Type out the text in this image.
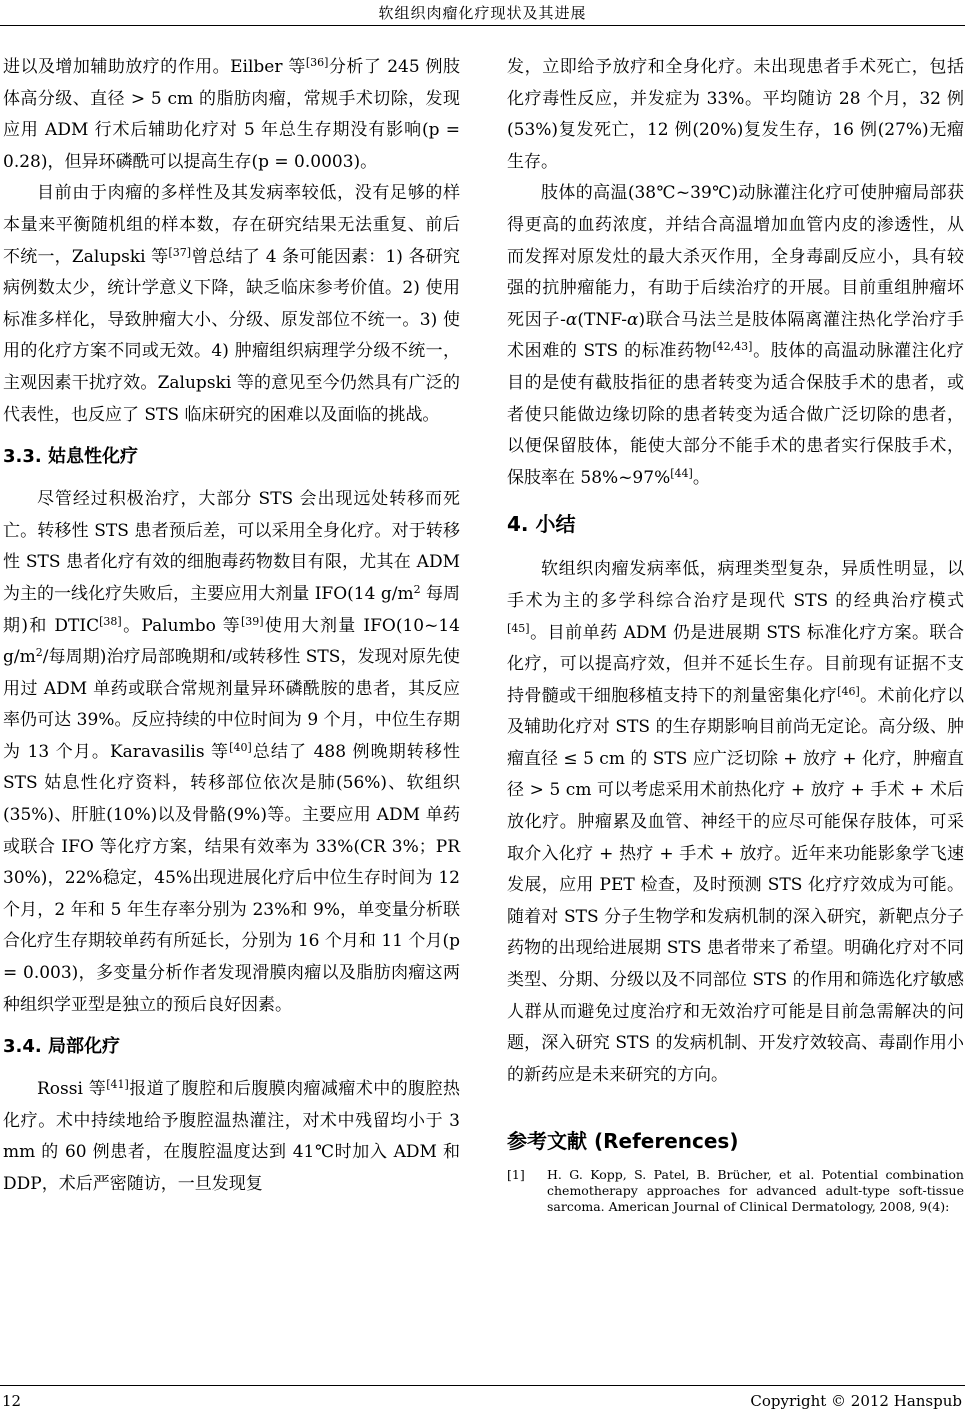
软组织肉瘤化疗现状及其进展

进以及增加辅助放疗的作用。Eilber 等[36]分析了 245 例肢体高分级、直径 > 5 cm 的脂肪肉瘤，常规手术切除，发现应用 ADM 行术后辅助化疗对 5 年总生存期没有影响(p = 0.28)，但异环磷酰可以提高生存(p = 0.0003)。

目前由于肉瘤的多样性及其发病率较低，没有足够的样本量来平衡随机组的样本数，存在研究结果无法重复、前后不统一，Zalupski 等[37]曾总结了 4 条可能因素：1) 各研究病例数太少，统计学意义下降，缺乏临床参考价值。2) 使用标准多样化，导致肿瘤大小、分级、原发部位不统一。3) 使用的化疗方案不同或无效。4) 肿瘤组织病理学分级不统一，主观因素干扰疗效。Zalupski 等的意见至今仍然具有广泛的代表性，也反应了 STS 临床研究的困难以及面临的挑战。

3.3. 姑息性化疗

尽管经过积极治疗，大部分 STS 会出现远处转移而死亡。转移性 STS 患者预后差，可以采用全身化疗。对于转移性 STS 患者化疗有效的细胞毒药物数目有限，尤其在 ADM 为主的一线化疗失败后，主要应用大剂量 IFO(14 $g/m^2$ 每周期)和 DTIC[38]。Palumbo 等[39]使用大剂量 IFO(10~14 $g/m^2/$每周期)治疗局部晚期和/或转移性 STS，发现对原先使用过 ADM 单药或联合常规剂量异环磷酰胺的患者，其反应率仍可达 39%。反应持续的中位时间为 9 个月，中位生存期为 13 个月。Karavasilis 等[40]总结了 488 例晚期转移性 STS 姑息性化疗资料，转移部位依次是肺(56%)、软组织(35%)、肝脏(10%)以及骨骼(9%)等。主要应用 ADM 单药或联合 IFO 等化疗方案，结果有效率为 33%(CR 3%；PR 30%)，22%稳定，45%出现进展化疗后中位生存时间为 12 个月，2 年和 5 年生存率分别为 23%和 9%，单变量分析联合化疗生存期较单药有所延长，分别为 16 个月和 11 个月(p = 0.003)，多变量分析作者发现滑膜肉瘤以及脂肪肉瘤这两种组织学亚型是独立的预后良好因素。

3.4. 局部化疗

Rossi 等[41]报道了腹腔和后腹膜肉瘤减瘤术中的腹腔热化疗。术中持续地给予腹腔温热灌注，对术中残留均小于 3 mm 的 60 例患者，在腹腔温度达到 41℃时加入 ADM 和 DDP，术后严密随访，一旦发现复

发，立即给予放疗和全身化疗。未出现患者手术死亡，包括化疗毒性反应，并发症为 33%。平均随访 28 个月，32 例(53%)复发死亡，12 例(20%)复发生存，16 例(27%)无瘤生存。

肢体的高温(38℃~39℃)动脉灌注化疗可使肿瘤局部获得更高的血药浓度，并结合高温增加血管内皮的渗透性，从而发挥对原发灶的最大杀灭作用，全身毒副反应小，具有较强的抗肿瘤能力，有助于后续治疗的开展。目前重组肿瘤坏死因子-α(TNF-α)联合马法兰是肢体隔离灌注热化学治疗手术困难的 STS 的标准药物[42,43]。肢体的高温动脉灌注化疗目的是使有截肢指征的患者转变为适合保肢手术的患者，或者使只能做边缘切除的患者转变为适合做广泛切除的患者，以便保留肢体，能使大部分不能手术的患者实行保肢手术，保肢率在 58%~97%[44]。

4. 小结

软组织肉瘤发病率低，病理类型复杂，异质性明显，以手术为主的多学科综合治疗是现代 STS 的经典治疗模式[45]。目前单药 ADM 仍是进展期 STS 标准化疗方案。联合化疗，可以提高疗效，但并不延长生存。目前现有证据不支持骨髓或干细胞移植支持下的剂量密集化疗[46]。术前化疗以及辅助化疗对 STS 的生存期影响目前尚无定论。高分级、肿瘤直径 ≤ 5 cm 的 STS 应广泛切除 + 放疗 + 化疗，肿瘤直径 > 5 cm 可以考虑采用术前热化疗 + 放疗 + 手术 + 术后放化疗。肿瘤累及血管、神经干的应尽可能保存肢体，可采取介入化疗 + 热疗 + 手术 + 放疗。近年来功能影象学飞速发展，应用 PET 检查，及时预测 STS 化疗疗效成为可能。随着对 STS 分子生物学和发病机制的深入研究，新靶点分子药物的出现给进展期 STS 患者带来了希望。明确化疗对不同类型、分期、分级以及不同部位 STS 的作用和筛选化疗敏感人群从而避免过度治疗和无效治疗可能是目前急需解决的问题，深入研究 STS 的发病机制、开发疗效较高、毒副作用小的新药应是未来研究的方向。

参考文献 (References)
[1]	H. G. Kopp, S. Patel, B. Brücher, et al. Potential combination chemotherapy approaches for advanced adult-type soft-tissue sarcoma. American Journal of Clinical Dermatology, 2008, 9(4):
12	Copyright © 2012 Hanspub
